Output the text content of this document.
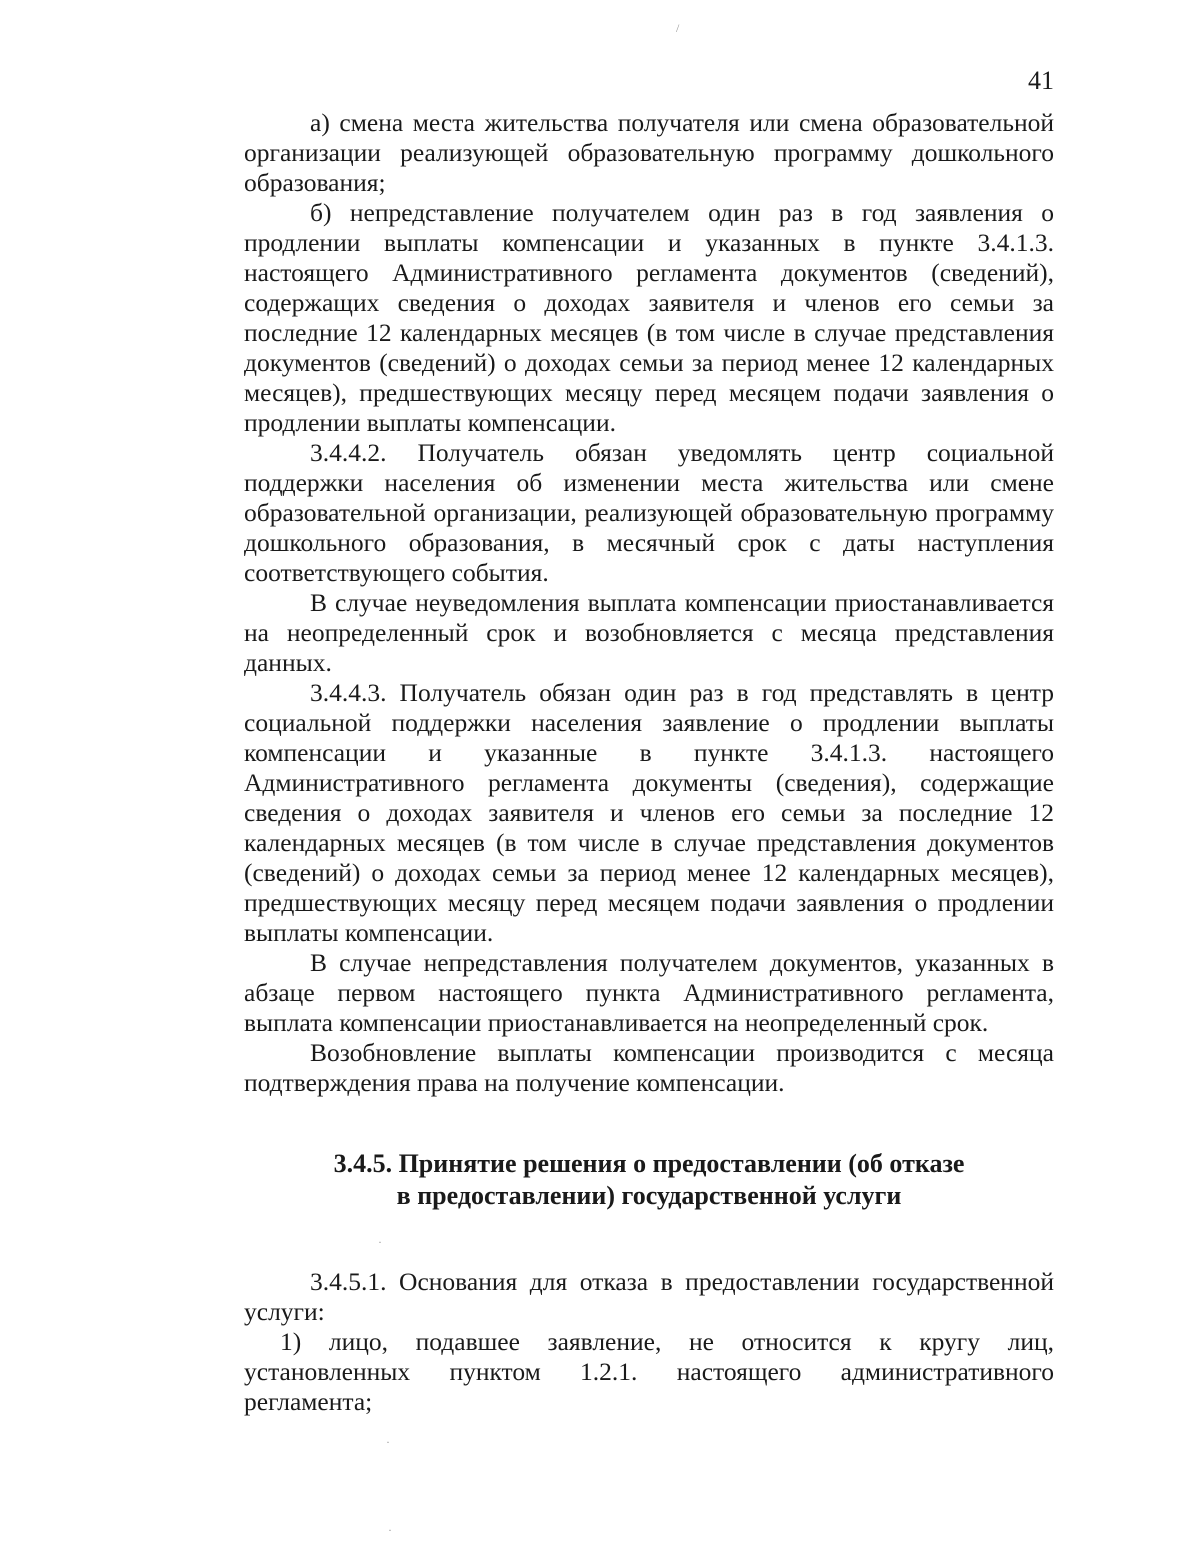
41

а) смена места жительства получателя или смена образовательной организации реализующей образовательную программу дошкольного образования;

б) непредставление получателем один раз в год заявления о продлении выплаты компенсации и указанных в пункте 3.4.1.3. настоящего Административного регламента документов (сведений), содержащих сведения о доходах заявителя и членов его семьи за последние 12 календарных месяцев (в том числе в случае представления документов (сведений) о доходах семьи за период менее 12 календарных месяцев), предшествующих месяцу перед месяцем подачи заявления о продлении выплаты компенсации.

3.4.4.2. Получатель обязан уведомлять центр социальной поддержки населения об изменении места жительства или смене образовательной организации, реализующей образовательную программу дошкольного образования, в месячный срок с даты наступления соответствующего события.

В случае неуведомления выплата компенсации приостанавливается на неопределенный срок и возобновляется с месяца представления данных.

3.4.4.3. Получатель обязан один раз в год представлять в центр социальной поддержки населения заявление о продлении выплаты компенсации и указанные в пункте 3.4.1.3. настоящего Административного регламента документы (сведения), содержащие сведения о доходах заявителя и членов его семьи за последние 12 календарных месяцев (в том числе в случае представления документов (сведений) о доходах семьи за период менее 12 календарных месяцев), предшествующих месяцу перед месяцем подачи заявления о продлении выплаты компенсации.

В случае непредставления получателем документов, указанных в абзаце первом настоящего пункта Административного регламента, выплата компенсации приостанавливается на неопределенный срок.

Возобновление выплаты компенсации производится с месяца подтверждения права на получение компенсации.

3.4.5. Принятие решения о предоставлении (об отказе
в предоставлении) государственной услуги

3.4.5.1. Основания для отказа в предоставлении государственной услуги:

1) лицо, подавшее заявление, не относится к кругу лиц, установленных пунктом 1.2.1. настоящего административного регламента;

/
·
·
·
